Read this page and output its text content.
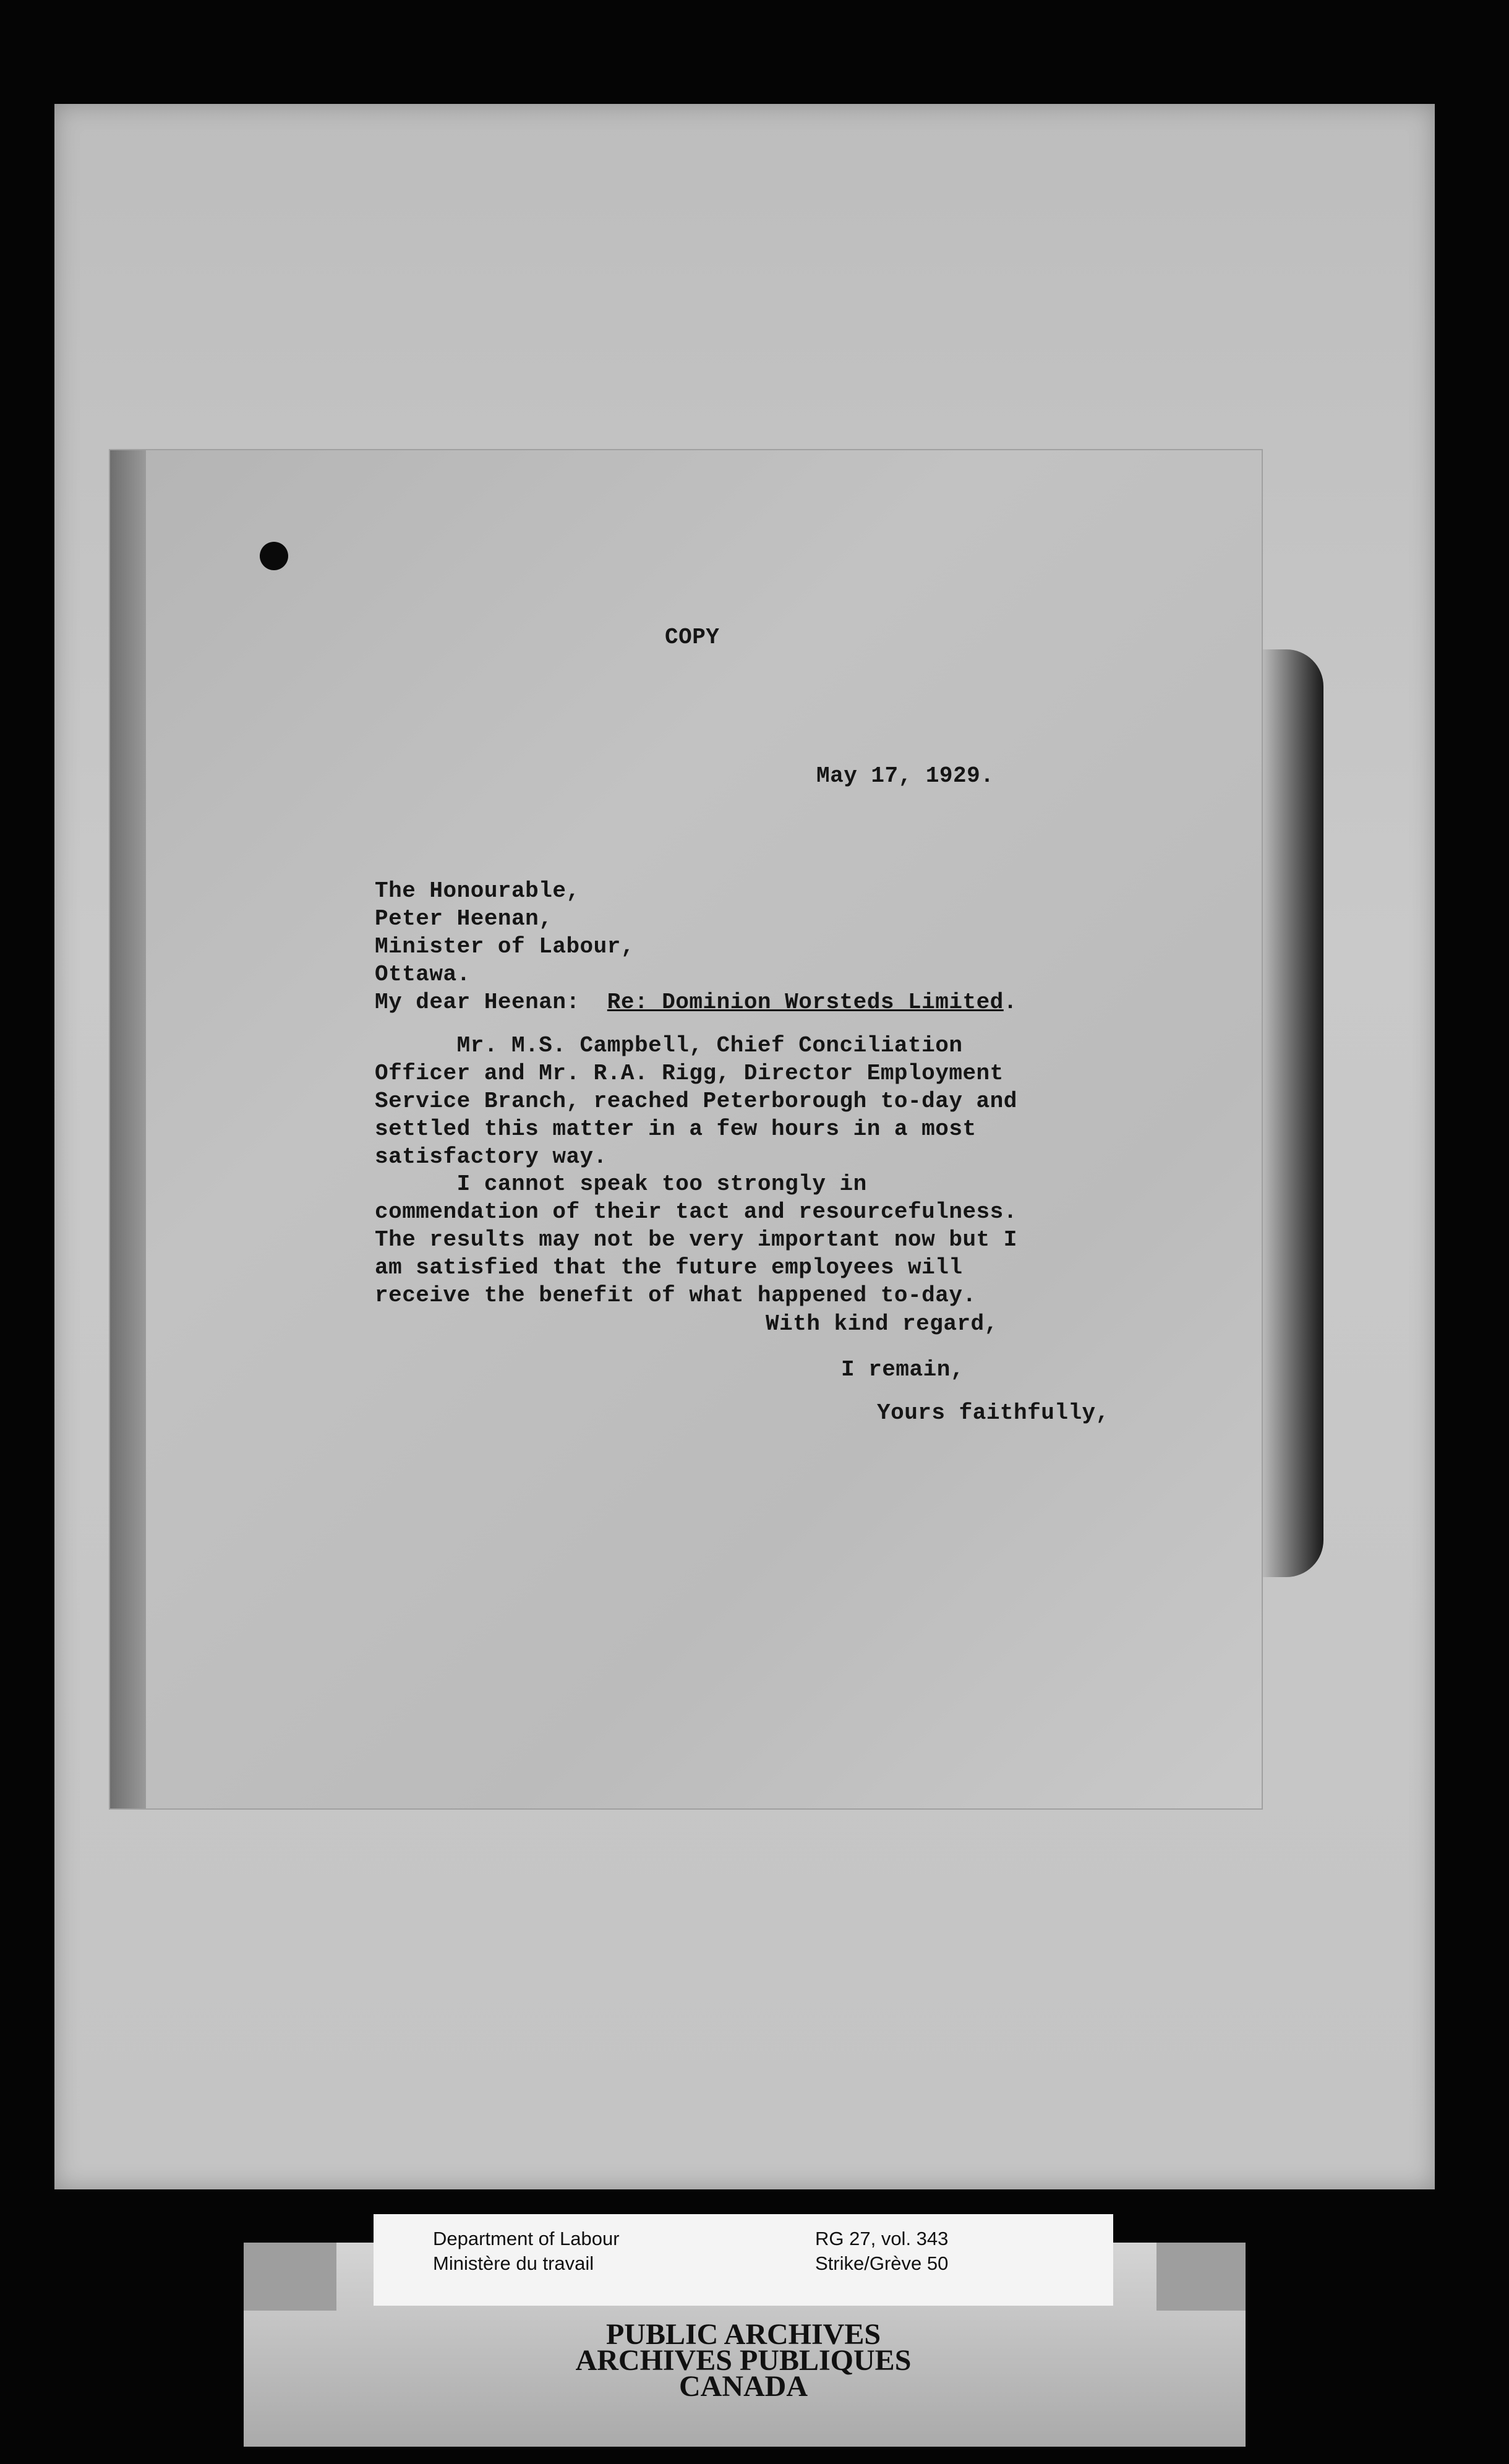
COPY
May 17, 1929.
The Honourable,
Peter Heenan,
Minister of Labour,
Ottawa.
My dear Heenan: Re: Dominion Worsteds Limited.
Mr. M.S. Campbell, Chief Conciliation
Officer and Mr. R.A. Rigg, Director Employment
Service Branch, reached Peterborough to-day and
settled this matter in a few hours in a most
satisfactory way.
I cannot speak too strongly in
commendation of their tact and resourcefulness.
The results may not be very important now but I
am satisfied that the future employees will
receive the benefit of what happened to-day.
With kind regard,
I remain,
Yours faithfully,
Department of Labour
Ministère du travail
RG 27, vol. 343
Strike/Grève 50
PUBLIC ARCHIVES
ARCHIVES PUBLIQUES
CANADA
